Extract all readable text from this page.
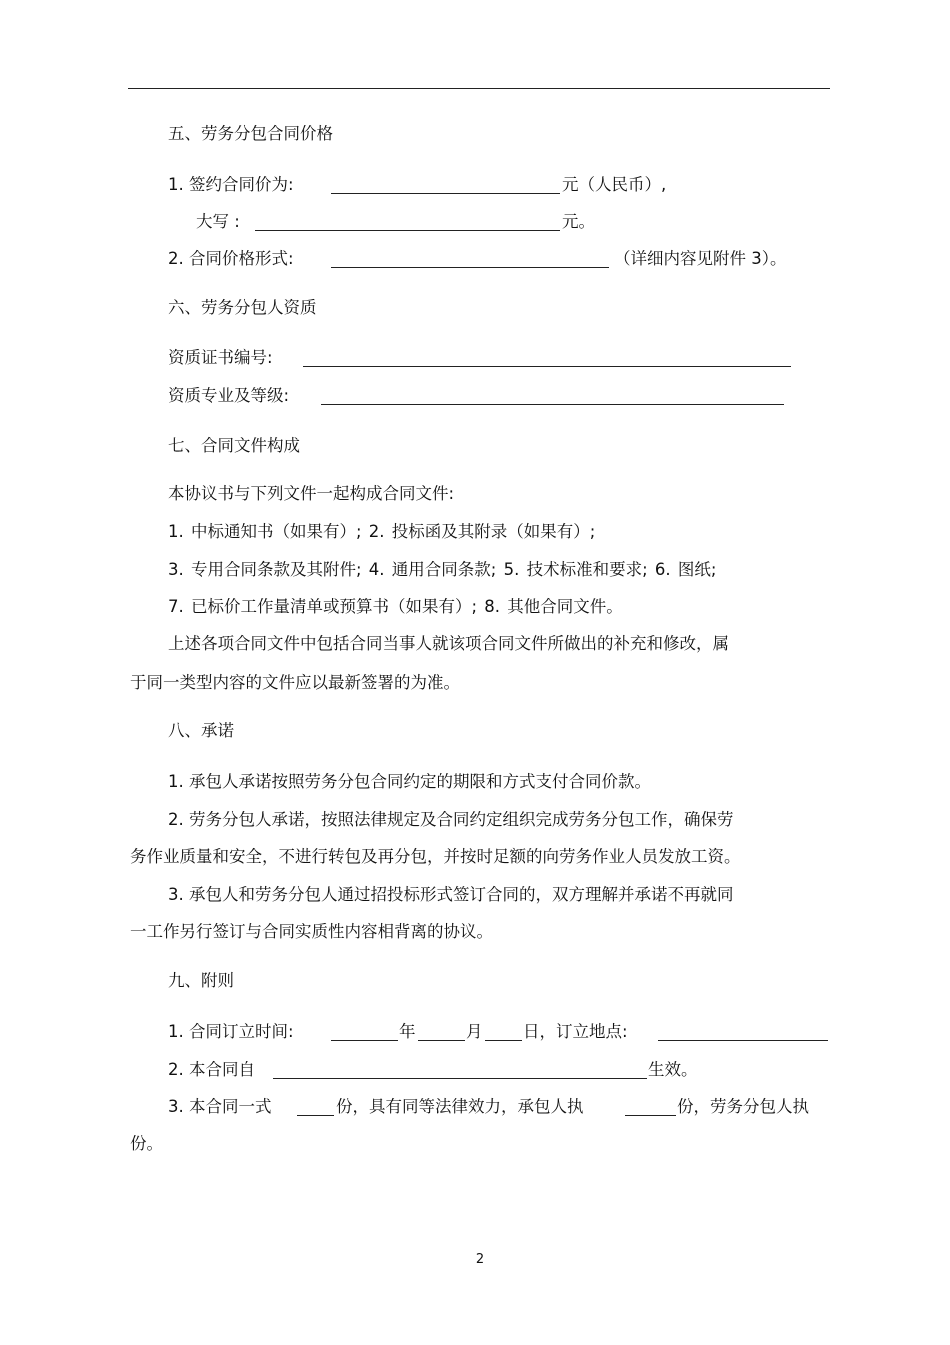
五、劳务分包合同价格
1. 签约合同价为:	元（人民币）,
大写 :	元。
2. 合同价格形式:	（详细内容见附件 3）。
六、劳务分包人资质
资质证书编号:
资质专业及等级:
七、合同文件构成
本协议书与下列文件一起构成合同文件:
1. 中标通知书（如果有）; 2. 投标函及其附录（如果有）;
3. 专用合同条款及其附件; 4. 通用合同条款; 5. 技术标准和要求; 6. 图纸;
7. 已标价工作量清单或预算书（如果有）; 8. 其他合同文件。
上述各项合同文件中包括合同当事人就该项合同文件所做出的补充和修改，属
于同一类型内容的文件应以最新签署的为准。
八、承诺
1. 承包人承诺按照劳务分包合同约定的期限和方式支付合同价款。
2. 劳务分包人承诺，按照法律规定及合同约定组织完成劳务分包工作，确保劳
务作业质量和安全，不进行转包及再分包，并按时足额的向劳务作业人员发放工资。
3. 承包人和劳务分包人通过招投标形式签订合同的，双方理解并承诺不再就同
一工作另行签订与合同实质性内容相背离的协议。
九、附则
1. 合同订立时间:	年	月 日，订立地点:
2. 本合同自	生效。
3. 本合同一式	份，具有同等法律效力，承包人执	份，劳务分包人执
份。
2
